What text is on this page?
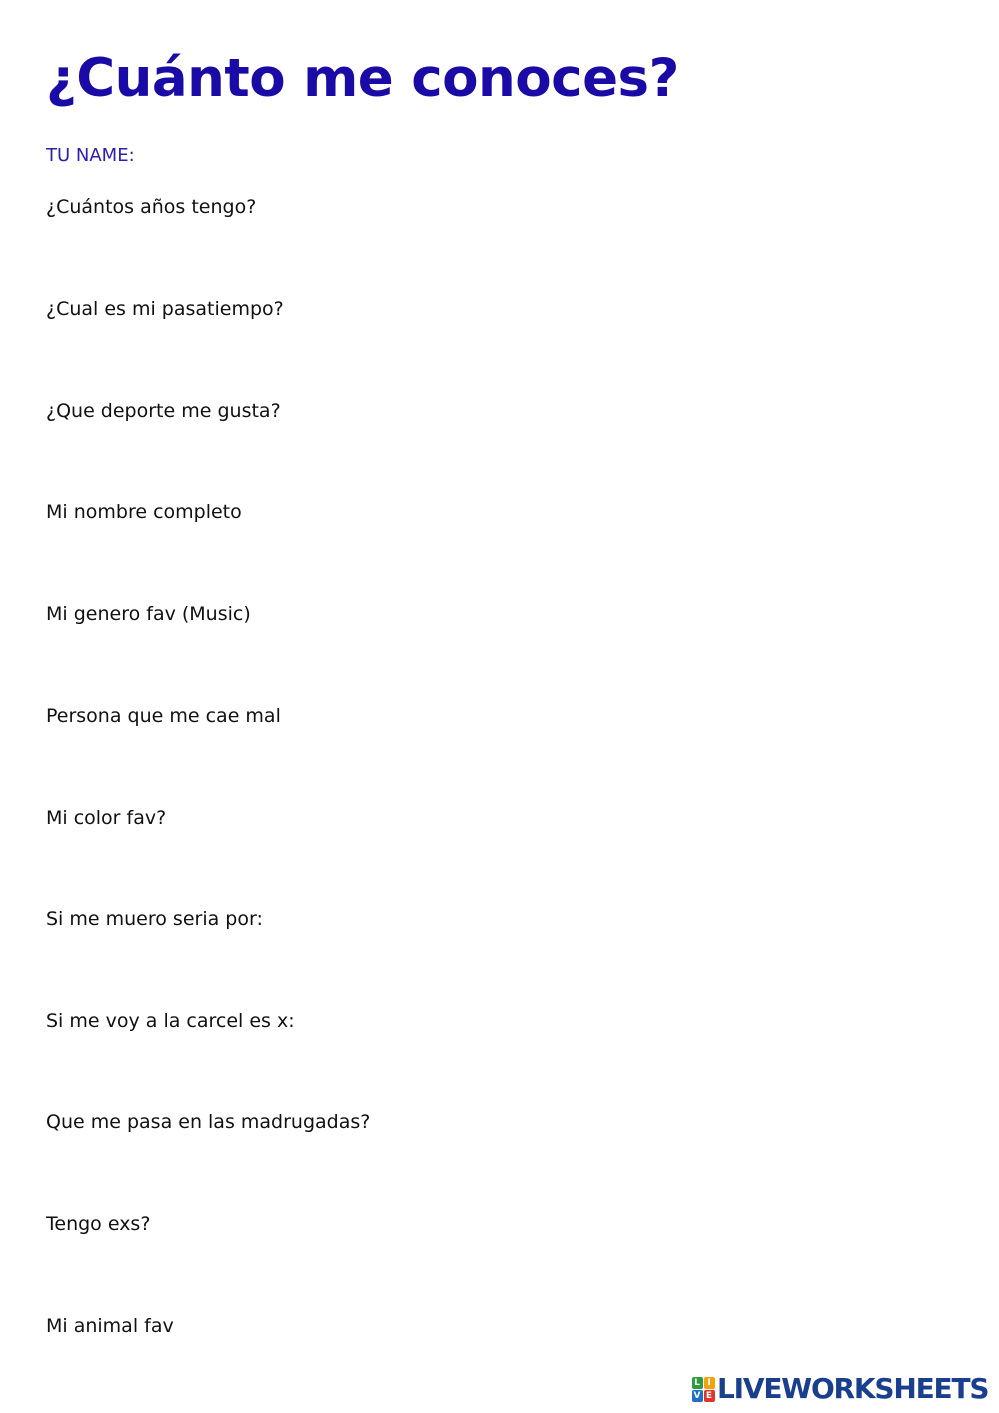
¿Cuánto me conoces?
TU NAME:
¿Cuántos años tengo?
¿Cual es mi pasatiempo?
¿Que deporte me gusta?
Mi nombre completo
Mi genero fav (Music)
Persona que me cae mal
Mi color fav?
Si me muero seria por:
Si me voy a la carcel es x:
Que me pasa en las madrugadas?
Tengo exs?
Mi animal fav
L I
V E LIVEWORKSHEETS
